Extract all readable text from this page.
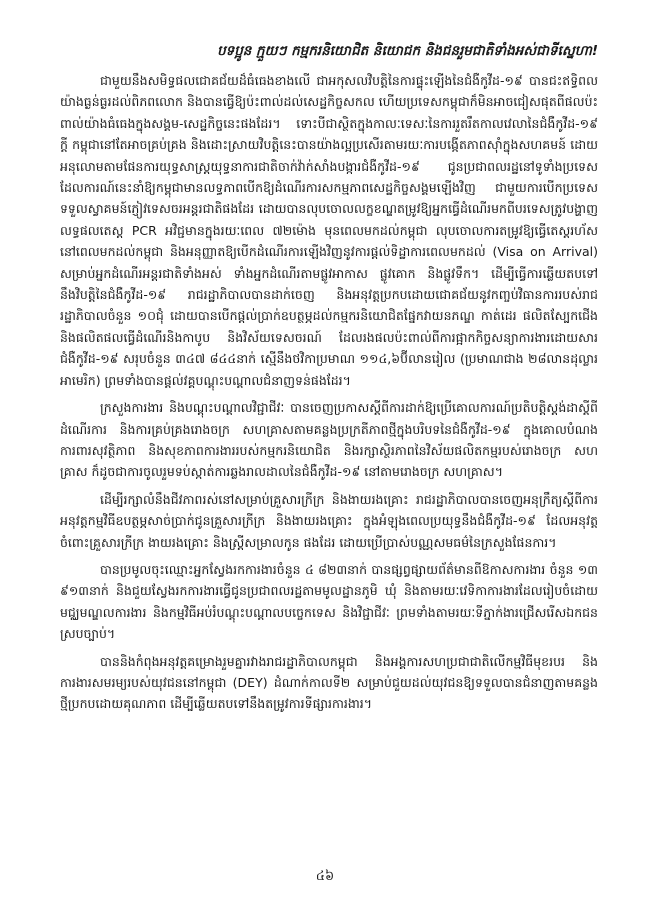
បទប្អូន ក្មួយៗ កម្មករនិយោជិត និយោជក និងជនរួមជាតិទាំងអស់ជាទីស្នេហា!

ជាមួយនឹងសមិទ្ធផលជោគជ័យដ៏ធំធេងខាងលើ ជាអកុសលវិបត្តិនៃការផ្ទុះឡើងនៃជំងឺកូវីដ-១៩ បានជះឥទ្ធិពលយ៉ាងធ្ងន់ធ្ងរដល់ពិភពលោក និងបានធ្វើឱ្យប៉ះពាល់ដល់សេដ្ឋកិច្ចសកល ហើយប្រទេសកម្ពុជាក៏មិនអាចជៀសផុតពីផលប៉ះពាល់យ៉ាងធំធេងក្នុងសង្គម-សេដ្ឋកិច្ចនេះផងដែរ។ ទោះបីជាស្ថិតក្នុងកាលៈទេសៈនៃការរួតរឹតកាលវេលានៃជំងឺកូវីដ-១៩ ក្តី កម្ពុជានៅតែអាចគ្រប់គ្រង និងដោះស្រាយវិបត្តិនេះបានយ៉ាងល្អប្រសើរតាមរយៈការបង្កើតភាពស៊ាំក្នុងសហគមន៍ ដោយអនុលោមតាមផែនការយុទ្ធសាស្ត្រយុទ្ធនាការជាតិចាក់វ៉ាក់សាំងបង្ការជំងឺកូវីដ-១៩ ជូនប្រជាពលរដ្ឋនៅទូទាំងប្រទេស ដែលការណ៍នេះនាំឱ្យកម្ពុជាមានលទ្ធភាពបើកឱ្យដំណើរការសកម្មភាពសេដ្ឋកិច្ចសង្គមឡើងវិញ ជាមួយការបើកប្រទេសទទួលស្វាគមន៍ភ្ញៀវទេសចរអន្តរជាតិផងដែរ ដោយបានលុបចោលលក្ខខណ្ឌតម្រូវឱ្យអ្នកធ្វើដំណើរមកពីបរទេសត្រូវបង្ហាញលទ្ធផលតេស្ត PCR អវិជ្ជមានក្នុងរយៈពេល ៧២ម៉ោង មុនពេលមកដល់កម្ពុជា លុបចោលការតម្រូវឱ្យធ្វើតេស្តរហ័សនៅពេលមកដល់កម្ពុជា និងអនុញ្ញាតឱ្យបើកដំណើរការឡើងវិញនូវការផ្តល់ទិដ្ឋាការពេលមកដល់ (Visa on Arrival) សម្រាប់អ្នកដំណើរអន្តរជាតិទាំងអស់ ទាំងអ្នកដំណើរតាមផ្លូវអាកាស ផ្លូវគោក និងផ្លូវទឹក។ ដើម្បីធ្វើការឆ្លើយតបទៅនឹងវិបត្តិនៃជំងឺកូវីដ-១៩ រាជរដ្ឋាភិបាលបានដាក់ចេញ និងអនុវត្តប្រកបដោយជោគជ័យនូវកញ្ចប់វិធានការរបស់រាជរដ្ឋាភិបាលចំនួន ១០ជុំ ដោយបានបើកផ្តល់ប្រាក់ឧបត្ថម្ភដល់កម្មករនិយោជិតផ្នែកវាយនភណ្ឌ កាត់ដេរ ផលិតស្បែកជើង និងផលិតផលធ្វើដំណើរនិងកាបូប និងវិស័យទេសចរណ៍ ដែលរងផលប៉ះពាល់ពីការផ្អាកកិច្ចសន្យាការងារដោយសារជំងឺកូវីដ-១៩ សរុបចំនួន ៣៤៧ ៨៤៤នាក់ ស្មើនឹងថវិកាប្រមាណ ១១៤,៦ប៊ីលានរៀល (ប្រមាណជាង ២៨លានដុល្លារអាមេរិក) ព្រមទាំងបានផ្តល់វគ្គបណ្តុះបណ្តាលជំនាញទន់ផងដែរ។

ក្រសួងការងារ និងបណ្តុះបណ្តាលវិជ្ជាជីវៈ បានចេញប្រកាសស្តីពីការដាក់ឱ្យប្រើគោលការណ៍ប្រតិបត្តិស្តង់ដាស្តីពីដំណើរការ និងការគ្រប់គ្រងរោងចក្រ សហគ្រាសតាមគន្លងប្រក្រតីភាពថ្មីក្នុងបរិបទនៃជំងឺកូវីដ-១៩ ក្នុងគោលបំណងការពារសុវត្ថិភាព និងសុខភាពការងាររបស់កម្មករនិយោជិត និងរក្សាស្ថិរភាពនៃវិស័យផលិតកម្មរបស់រោងចក្រ សហគ្រាស ក៏ដូចជាការចូលរួមទប់ស្កាត់ការឆ្លងរាលដាលនៃជំងឺកូវីដ-១៩ នៅតាមរោងចក្រ សហគ្រាស។

ដើម្បីរក្សាលំនឹងជីវភាពរស់នៅសម្រាប់គ្រួសារក្រីក្រ និងងាយរងគ្រោះ រាជរដ្ឋាភិបាលបានចេញអនុក្រឹត្យស្តីពីការអនុវត្តកម្មវិធីឧបត្ថម្ភសាច់ប្រាក់ជូនគ្រួសារក្រីក្រ និងងាយរងគ្រោះ ក្នុងអំឡុងពេលប្រយុទ្ធនឹងជំងឺកូវីដ-១៩ ដែលអនុវត្តចំពោះគ្រួសារក្រីក្រ ងាយរងគ្រោះ និងស្ត្រីសម្រាលកូន ផងដែរ ដោយប្រើប្រាស់បណ្ណសមធម៌នៃក្រសួងផែនការ។

បានប្រមូលចុះឈ្មោះអ្នកស្វែងរកការងារចំនួន ៤ ៨២៣នាក់ បានផ្សព្វផ្សាយព័ត៌មានពីឱកាសការងារ ចំនួន ១៣ ៩១៣នាក់ និងជួយស្វែងរកការងារធ្វើជូនប្រជាពលរដ្ឋតាមមូលដ្ឋានភូមិ ឃុំ និងតាមរយៈវេទិកាការងារដែលរៀបចំដោយមជ្ឈមណ្ឌលការងារ និងកម្មវិធីអប់រំបណ្តុះបណ្តាលបច្ចេកទេស និងវិជ្ជាជីវៈ ព្រមទាំងតាមរយៈទីភ្នាក់ងារជ្រើសរើសឯកជនស្របច្បាប់។

បាននិងកំពុងអនុវត្តគម្រោងរួមគ្នារវាងរាជរដ្ឋាភិបាលកម្ពុជា និងអង្គការសហប្រជាជាតិលើកម្មវិធីមុខរបរ និងការងារសមរម្យរបស់យុវជននៅកម្ពុជា (DEY) ដំណាក់កាលទី២ សម្រាប់ជួយដល់យុវជនឱ្យទទួលបានជំនាញតាមគន្លងថ្មីប្រកបដោយគុណភាព ដើម្បីឆ្លើយតបទៅនឹងតម្រូវការទីផ្សារការងារ។

៤៦
